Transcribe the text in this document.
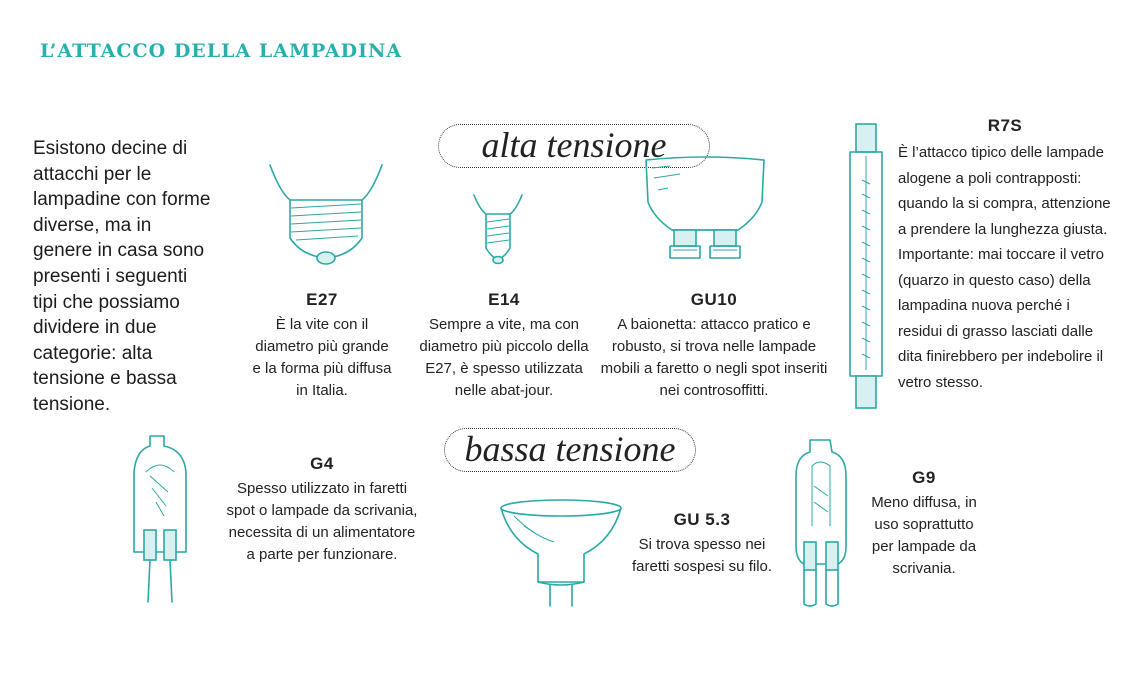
L’ATTACCO DELLA LAMPADINA
Esistono decine di attacchi per le lampadine con forme diverse, ma in genere in casa sono presenti i seguenti tipi che possiamo dividere in due categorie: alta tensione e bassa tensione.
alta tensione
bassa tensione
E27
È la vite con il diametro più grande e la forma più diffusa in Italia.
E14
Sempre a vite, ma con diametro più piccolo della E27, è spesso utilizzata nelle abat-jour.
GU10
A baionetta: attacco pratico e robusto, si trova nelle lampade mobili a faretto o negli spot inseriti nei controsoffitti.
R7S
È l’attacco tipico delle lampade alogene a poli contrapposti: quando la si compra, attenzione a prendere la lunghezza giusta. Importante: mai toccare il vetro (quarzo in questo caso) della lampadina nuova perché i residui di grasso lasciati dalle dita finirebbero per indebolire il vetro stesso.
G4
Spesso utilizzato in faretti spot o lampade da scrivania, necessita di un alimentatore a parte per funzionare.
GU 5.3
Si trova spesso nei faretti sospesi su filo.
G9
Meno diffusa, in uso soprattutto per lampade da scrivania.
